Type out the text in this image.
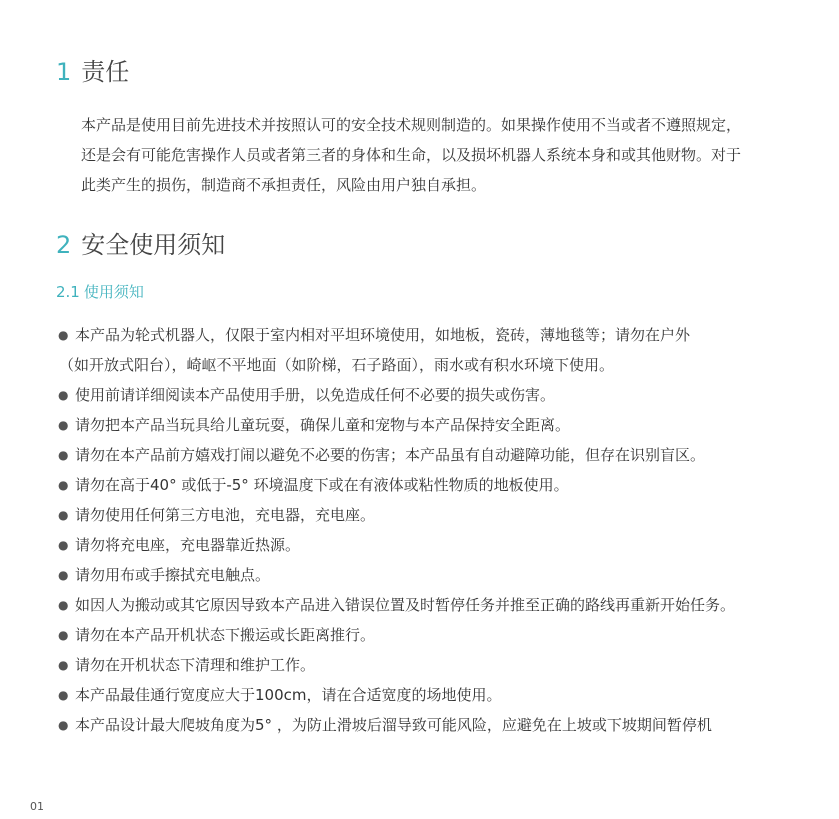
1 责任
本产品是使用目前先进技术并按照认可的安全技术规则制造的。如果操作使用不当或者不遵照规定，
还是会有可能危害操作人员或者第三者的身体和生命，以及损坏机器人系统本身和或其他财物。对于
此类产生的损伤，制造商不承担责任，风险由用户独自承担。
2 安全使用须知
2.1 使用须知
● 本产品为轮式机器人，仅限于室内相对平坦环境使用，如地板，瓷砖，薄地毯等；请勿在户外
（如开放式阳台），崎岖不平地面（如阶梯，石子路面），雨水或有积水环境下使用。
● 使用前请详细阅读本产品使用手册，以免造成任何不必要的损失或伤害。
● 请勿把本产品当玩具给儿童玩耍，确保儿童和宠物与本产品保持安全距离。
● 请勿在本产品前方嬉戏打闹以避免不必要的伤害；本产品虽有自动避障功能，但存在识别盲区。
● 请勿在高于40° 或低于-5° 环境温度下或在有液体或粘性物质的地板使用。
● 请勿使用任何第三方电池，充电器，充电座。
● 请勿将充电座，充电器靠近热源。
● 请勿用布或手擦拭充电触点。
● 如因人为搬动或其它原因导致本产品进入错误位置及时暂停任务并推至正确的路线再重新开始任务。
● 请勿在本产品开机状态下搬运或长距离推行。
● 请勿在开机状态下清理和维护工作。
● 本产品最佳通行宽度应大于100cm，请在合适宽度的场地使用。
● 本产品设计最大爬坡角度为5° ，为防止滑坡后溜导致可能风险，应避免在上坡或下坡期间暂停机
01
